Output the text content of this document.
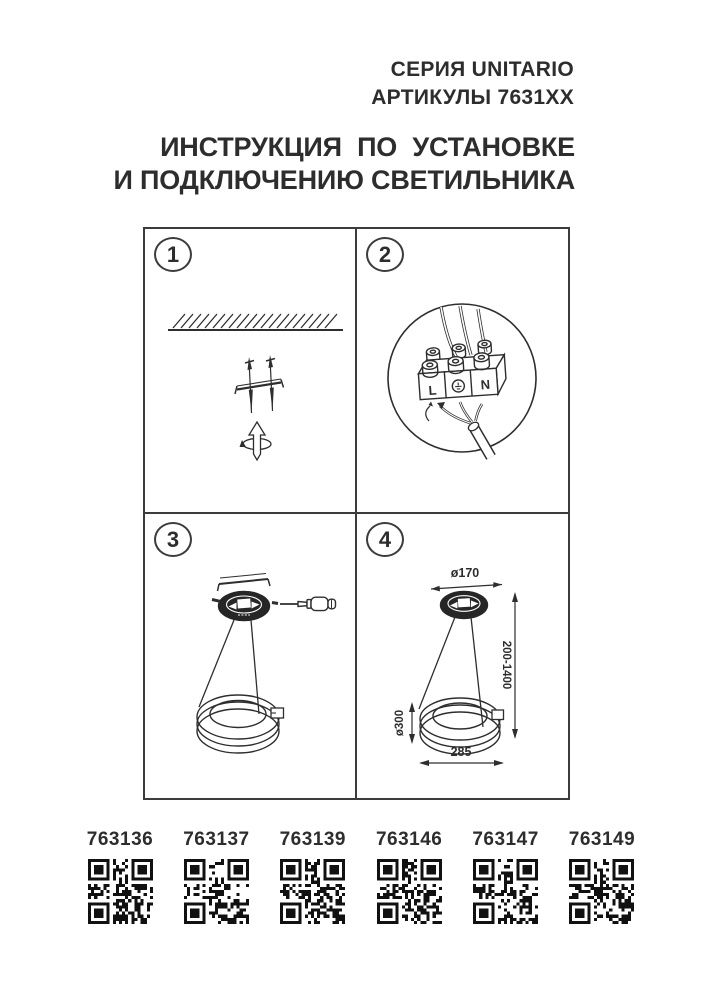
СЕРИЯ UNITARIO
АРТИКУЛЫ 7631XX
ИНСТРУКЦИЯ ПО УСТАНОВКЕ
И ПОДКЛЮЧЕНИЮ СВЕТИЛЬНИКА
1	2
L	N
3	4
ø170
200-1400
ø300
285
763136 763137 763139 763146 763147 763149
